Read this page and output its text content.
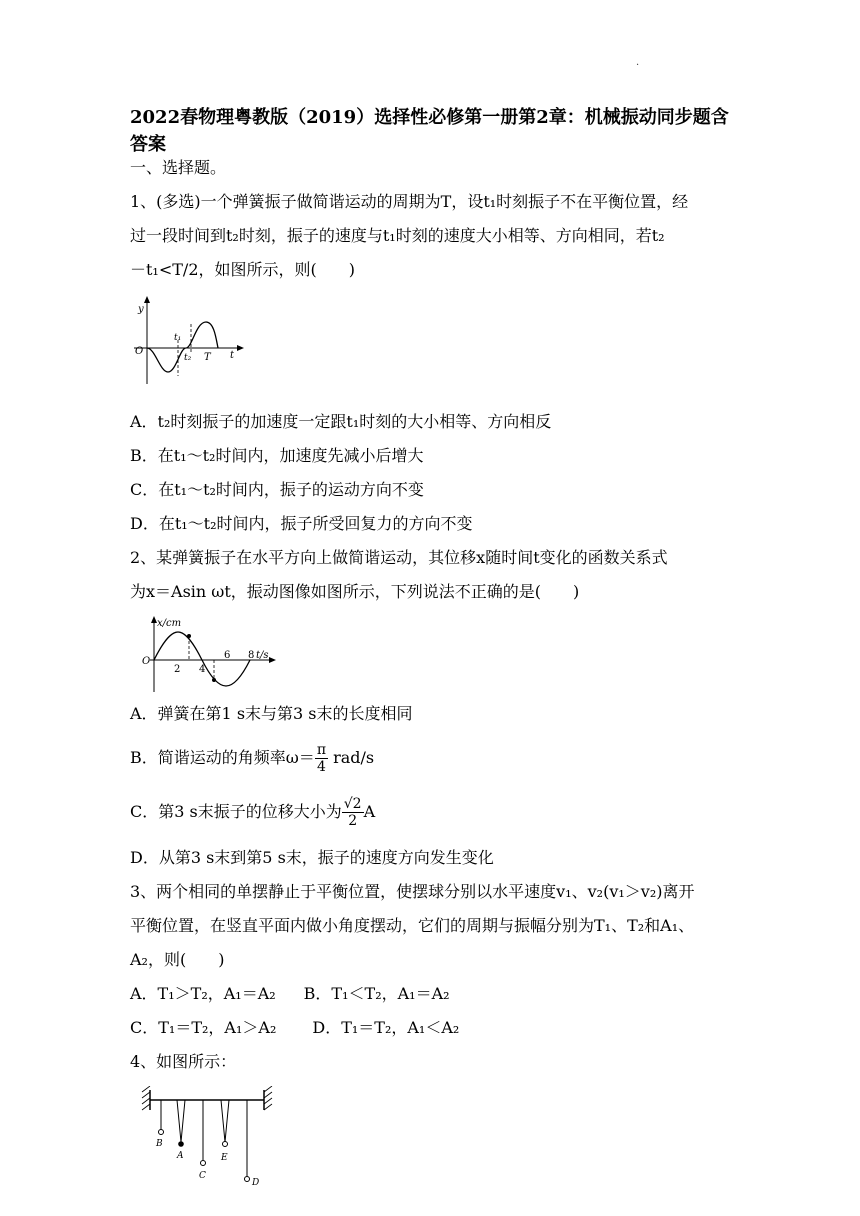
·
2022春物理粤教版（2019）选择性必修第一册第2章：机械振动同步题含答案
一、选择题。
1、(多选)一个弹簧振子做简谐运动的周期为T，设t₁时刻振子不在平衡位置，经
过一段时间到t₂时刻，振子的速度与t₁时刻的速度大小相等、方向相同，若t₂
－t₁<T/2，如图所示，则(　　)
y
O
t₁
t₂ T t
A．t₂时刻振子的加速度一定跟t₁时刻的大小相等、方向相反
B．在t₁～t₂时间内，加速度先减小后增大
C．在t₁～t₂时间内，振子的运动方向不变
D．在t₁～t₂时间内，振子所受回复力的方向不变
2、某弹簧振子在水平方向上做简谐运动，其位移x随时间t变化的函数关系式
为x＝Asin ωt，振动图像如图所示，下列说法不正确的是(　　)
x/cm
O
2 4
6 8 t/s
A．弹簧在第1 s末与第3 s末的长度相同
B．简谐运动的角频率$\omega= \frac{\pi}{4} rad/s$
C．第3 s末振子的位移大小为 $\frac{√2}{2}$ A
D．从第3 s末到第5 s末，振子的速度方向发生变化
3、两个相同的单摆静止于平衡位置，使摆球分别以水平速度v₁、v₂(v₁＞v₂)离开
平衡位置，在竖直平面内做小角度摆动，它们的周期与振幅分别为T₁、T₂和A₁、
A₂，则(　　)
A．T₁＞T₂，A₁＝A₂ B．T₁＜T₂，A₁＝A₂
C．T₁＝T₂，A₁＞A₂ D．T₁＝T₂，A₁＜A₂
4、如图所示：
B
A
C
E
D
